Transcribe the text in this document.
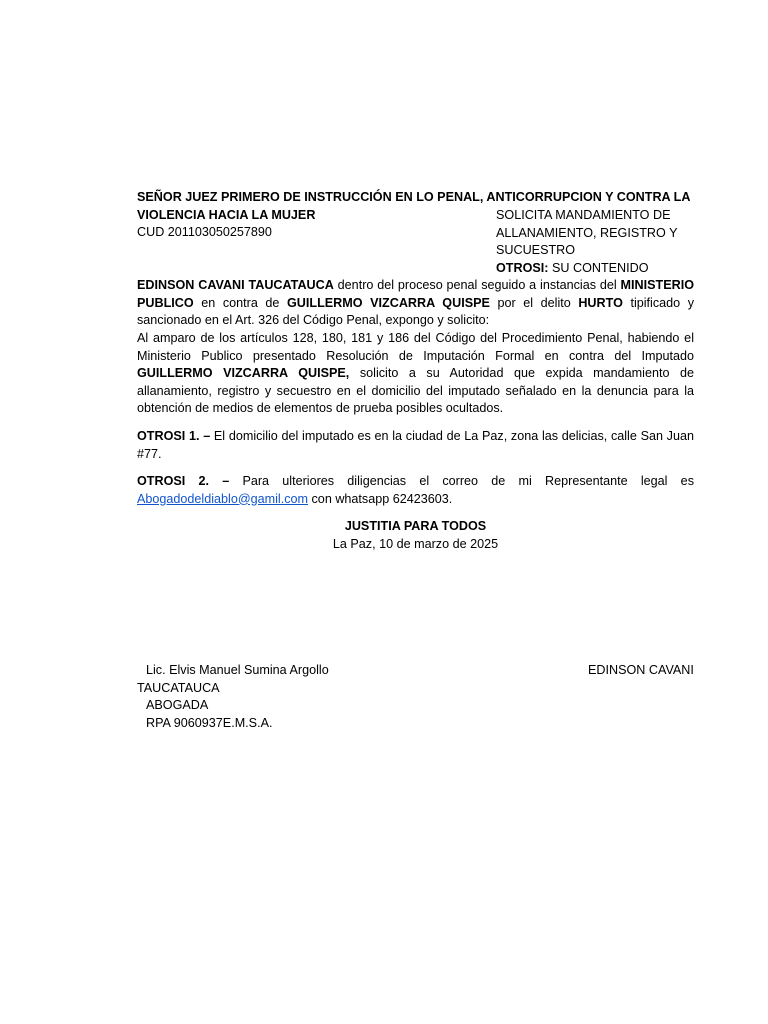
SEÑOR JUEZ PRIMERO DE INSTRUCCIÓN EN LO PENAL, ANTICORRUPCION Y CONTRA LA
VIOLENCIA HACIA LA MUJER
CUD 201103050257890
SOLICITA MANDAMIENTO DE
ALLANAMIENTO, REGISTRO Y
SUCUESTRO
OTROSI: SU CONTENIDO
EDINSON CAVANI TAUCATAUCA dentro del proceso penal seguido a instancias del MINISTERIO
PUBLICO en contra de GUILLERMO VIZCARRA QUISPE por el delito HURTO tipificado y
sancionado en el Art. 326 del Código Penal, expongo y solicito:
Al amparo de los artículos 128, 180, 181 y 186 del Código del Procedimiento Penal, habiendo el
Ministerio Publico presentado Resolución de Imputación Formal en contra del Imputado
GUILLERMO VIZCARRA QUISPE, solicito a su Autoridad que expida mandamiento de
allanamiento, registro y secuestro en el domicilio del imputado señalado en la denuncia para la
obtención de medios de elementos de prueba posibles ocultados.
OTROSI 1. – El domicilio del imputado es en la ciudad de La Paz, zona las delicias, calle San Juan
#77.
OTROSI 2. – Para ulteriores diligencias el correo de mi Representante legal es
Abogadodeldiablo@gamil.com con whatsapp 62423603.
JUSTITIA PARA TODOS
La Paz, 10 de marzo de 2025
Lic. Elvis Manuel Sumina Argollo	EDINSON CAVANI
TAUCATAUCA
ABOGADA
RPA 9060937E.M.S.A.
